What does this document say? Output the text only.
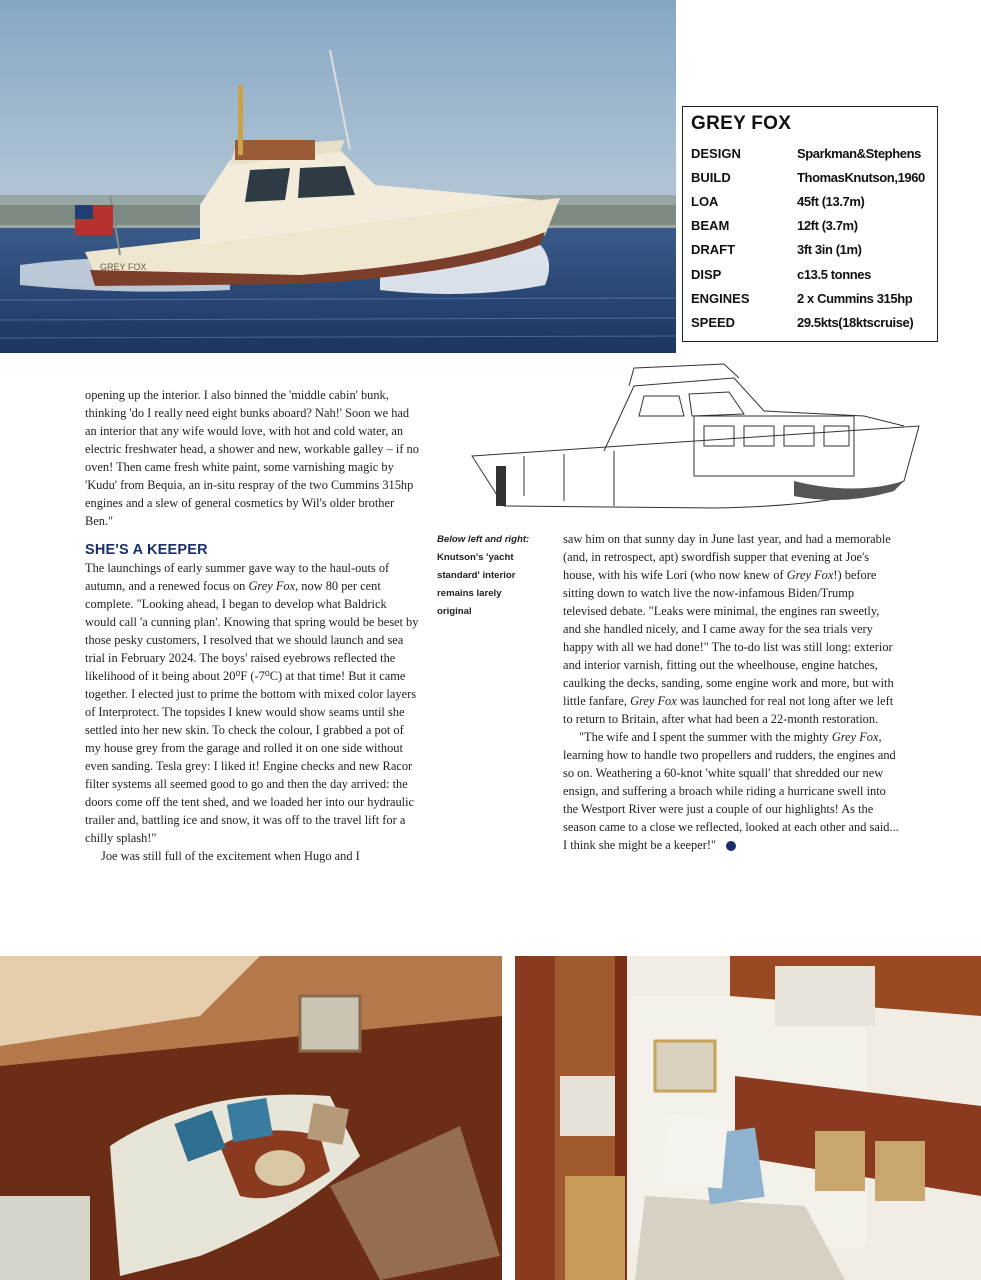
GREY FOX
GREY FOX
DESIGN	Sparkman&Stephens
BUILD	ThomasKnutson,1960
LOA	45ft (13.7m)
BEAM	12ft (3.7m)
DRAFT	3ft 3in (1m)
DISP	c13.5 tonnes
ENGINES	2 x Cummins 315hp
SPEED	29.5kts(18ktscruise)
Below left and right: Knutson's 'yacht standard' interior remains larely original

opening up the interior. I also binned the 'middle cabin' bunk, thinking 'do I really need eight bunks aboard? Nah!' Soon we had an interior that any wife would love, with hot and cold water, an electric freshwater head, a shower and new, workable galley – if no oven! Then came fresh white paint, some varnishing magic by 'Kudu' from Bequia, an in-situ respray of the two Cummins 315hp engines and a slew of general cosmetics by Wil's older brother Ben."

SHE'S A KEEPER

The launchings of early summer gave way to the haul-outs of autumn, and a renewed focus on Grey Fox, now 80 per cent complete. "Looking ahead, I began to develop what Baldrick would call 'a cunning plan'. Knowing that spring would be beset by those pesky customers, I resolved that we should launch and sea trial in February 2024. The boys' raised eyebrows reflected the likelihood of it being about 20⁰F (-7⁰C) at that time! But it came together. I elected just to prime the bottom with mixed color layers of Interprotect. The topsides I knew would show seams until she settled into her new skin. To check the colour, I grabbed a pot of my house grey from the garage and rolled it on one side without even sanding. Tesla grey: I liked it! Engine checks and new Racor filter systems all seemed good to go and then the day arrived: the doors come off the tent shed, and we loaded her into our hydraulic trailer and, battling ice and snow, it was off to the travel lift for a chilly splash!"

Joe was still full of the excitement when Hugo and I

saw him on that sunny day in June last year, and had a memorable (and, in retrospect, apt) swordfish supper that evening at Joe's house, with his wife Lori (who now knew of Grey Fox!) before sitting down to watch live the now-infamous Biden/Trump televised debate. "Leaks were minimal, the engines ran sweetly, and she handled nicely, and I came away for the sea trials very happy with all we had done!" The to-do list was still long: exterior and interior varnish, fitting out the wheelhouse, engine hatches, caulking the decks, sanding, some engine work and more, but with little fanfare, Grey Fox was launched for real not long after we left to return to Britain, after what had been a 22-month restoration.

"The wife and I spent the summer with the mighty Grey Fox, learning how to handle two propellers and rudders, the engines and so on. Weathering a 60-knot 'white squall' that shredded our new ensign, and suffering a broach while riding a hurricane swell into the Westport River were just a couple of our highlights! As the season came to a close we reflected, looked at each other and said... I think she might be a keeper!"
